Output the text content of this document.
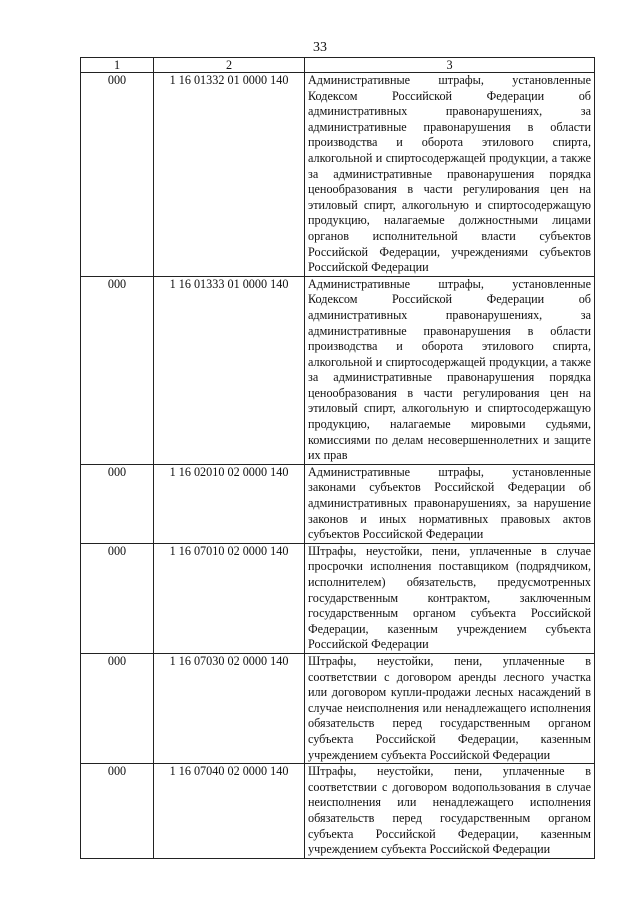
33
1	2	3
000	1 16 01332 01 0000 140	Административные штрафы, установленные Кодексом Российской Федерации об административных правонарушениях, за административные правонарушения в области производства и оборота этилового спирта, алкогольной и спиртосодержащей продукции, а также за административные правонарушения порядка ценообразования в части регулирования цен на этиловый спирт, алкогольную и спиртосодержащую продукцию, налагаемые должностными лицами органов исполнительной власти субъектов Российской Федерации, учреждениями субъектов Российской Федерации
000	1 16 01333 01 0000 140	Административные штрафы, установленные Кодексом Российской Федерации об административных правонарушениях, за административные правонарушения в области производства и оборота этилового спирта, алкогольной и спиртосодержащей продукции, а также за административные правонарушения порядка ценообразования в части регулирования цен на этиловый спирт, алкогольную и спиртосодержащую продукцию, налагаемые мировыми судьями, комиссиями по делам несовершеннолетних и защите их прав
000	1 16 02010 02 0000 140	Административные штрафы, установленные законами субъектов Российской Федерации об административных правонарушениях, за нарушение законов и иных нормативных правовых актов субъектов Российской Федерации
000	1 16 07010 02 0000 140	Штрафы, неустойки, пени, уплаченные в случае просрочки исполнения поставщиком (подрядчиком, исполнителем) обязательств, предусмотренных государственным контрактом, заключенным государственным органом субъекта Российской Федерации, казенным учреждением субъекта Российской Федерации
000	1 16 07030 02 0000 140	Штрафы, неустойки, пени, уплаченные в соответствии с договором аренды лесного участка или договором купли-продажи лесных насаждений в случае неисполнения или ненадлежащего исполнения обязательств перед государственным органом субъекта Российской Федерации, казенным учреждением субъекта Российской Федерации
000	1 16 07040 02 0000 140	Штрафы, неустойки, пени, уплаченные в соответствии с договором водопользования в случае неисполнения или ненадлежащего исполнения обязательств перед государственным органом субъекта Российской Федерации, казенным учреждением субъекта Российской Федерации
